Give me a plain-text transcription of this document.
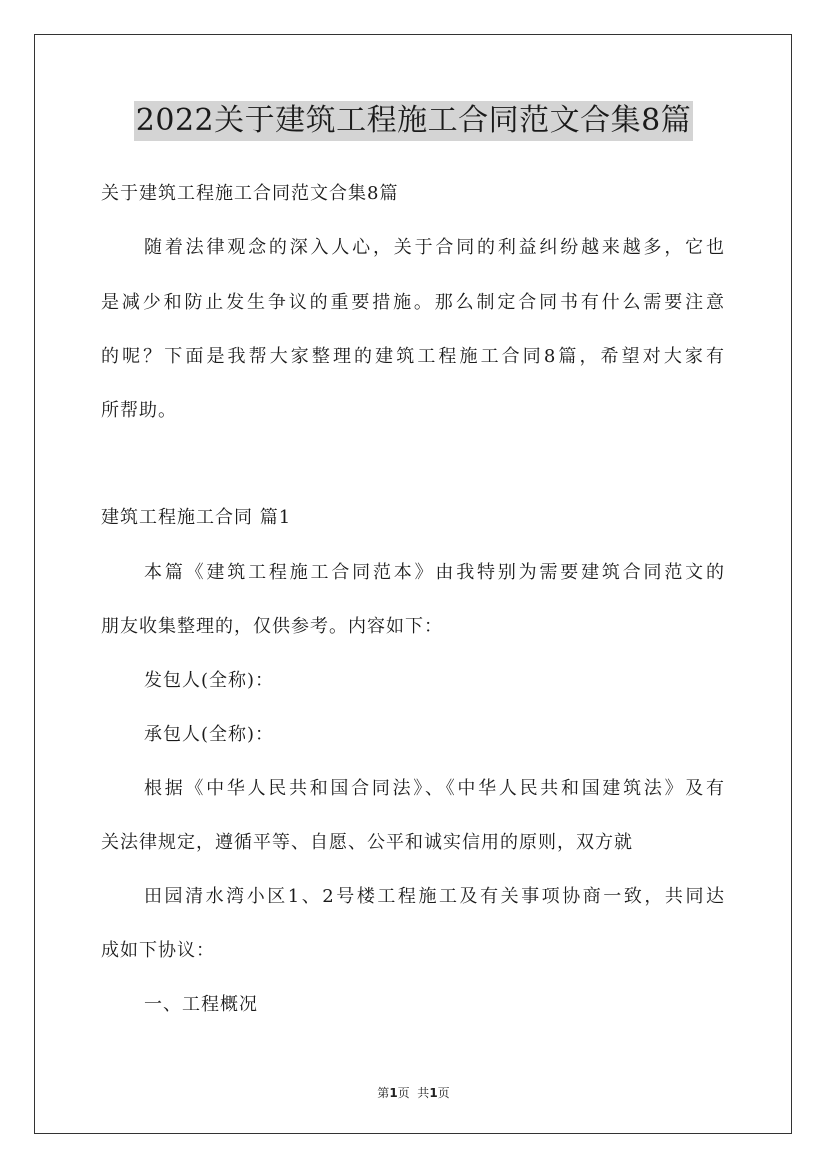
2022关于建筑工程施工合同范文合集8篇
关于建筑工程施工合同范文合集8篇
随着法律观念的深入人心，关于合同的利益纠纷越来越多，它也
是减少和防止发生争议的重要措施。那么制定合同书有什么需要注意
的呢？下面是我帮大家整理的建筑工程施工合同8篇，希望对大家有
所帮助。
建筑工程施工合同 篇1
本篇《建筑工程施工合同范本》由我特别为需要建筑合同范文的
朋友收集整理的，仅供参考。内容如下：
发包人(全称)：
承包人(全称)：
根据《中华人民共和国合同法》、《中华人民共和国建筑法》及有
关法律规定，遵循平等、自愿、公平和诚实信用的原则，双方就
田园清水湾小区1、2号楼工程施工及有关事项协商一致，共同达
成如下协议：
一、工程概况
第1页  共1页
